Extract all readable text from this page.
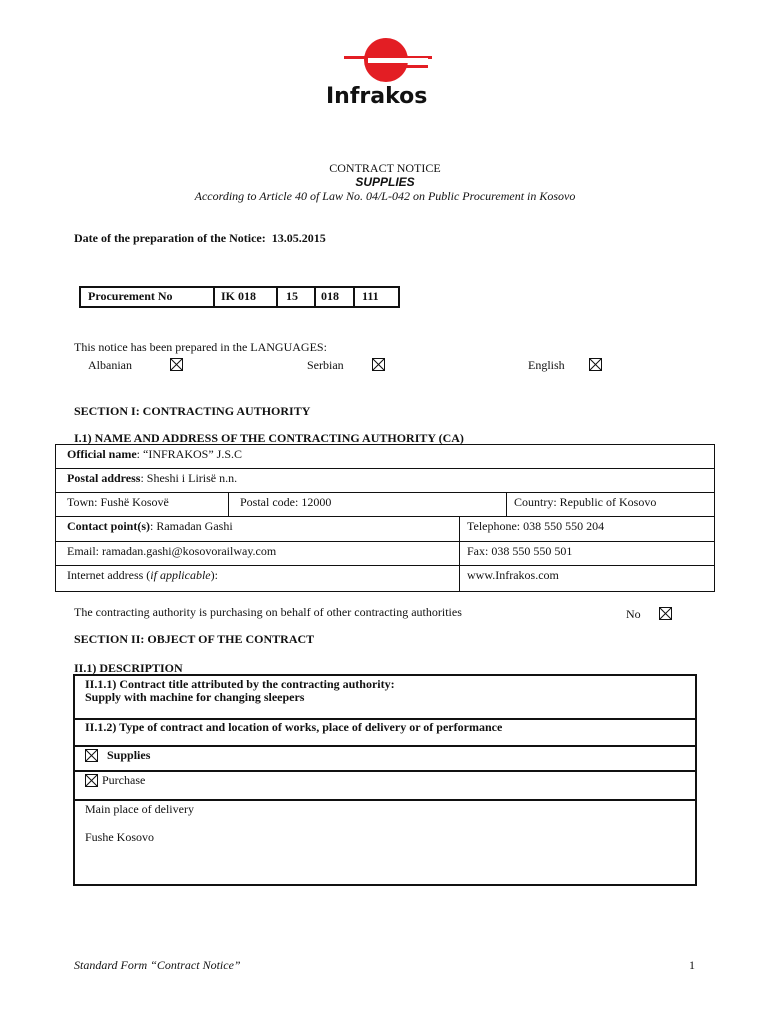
Infrakos
CONTRACT NOTICE
SUPPLIES
According to Article 40 of Law No. 04/L-042 on Public Procurement in Kosovo
Date of the preparation of the Notice: 13.05.2015
Procurement No	IK 018 15 018 111
This notice has been prepared in the LANGUAGES:
Albanian	Serbian	English
SECTION I: CONTRACTING AUTHORITY
I.1) NAME AND ADDRESS OF THE CONTRACTING AUTHORITY (CA)
Official name: “INFRAKOS” J.S.C
Postal address: Sheshi i Lirisë n.n.
Town: Fushë Kosovë	Postal code: 12000	Country: Republic of Kosovo
Contact point(s): Ramadan Gashi	Telephone: 038 550 550 204
Email: ramadan.gashi@kosovorailway.com	Fax: 038 550 550 501
Internet address (if applicable):	www.Infrakos.com
The contracting authority is purchasing on behalf of other contracting authorities	No
SECTION II: OBJECT OF THE CONTRACT
II.1) DESCRIPTION
II.1.1) Contract title attributed by the contracting authority:
Supply with machine for changing sleepers
II.1.2) Type of contract and location of works, place of delivery or of performance
Supplies
Purchase
Main place of delivery
Fushe Kosovo
Standard Form “Contract Notice”	1
